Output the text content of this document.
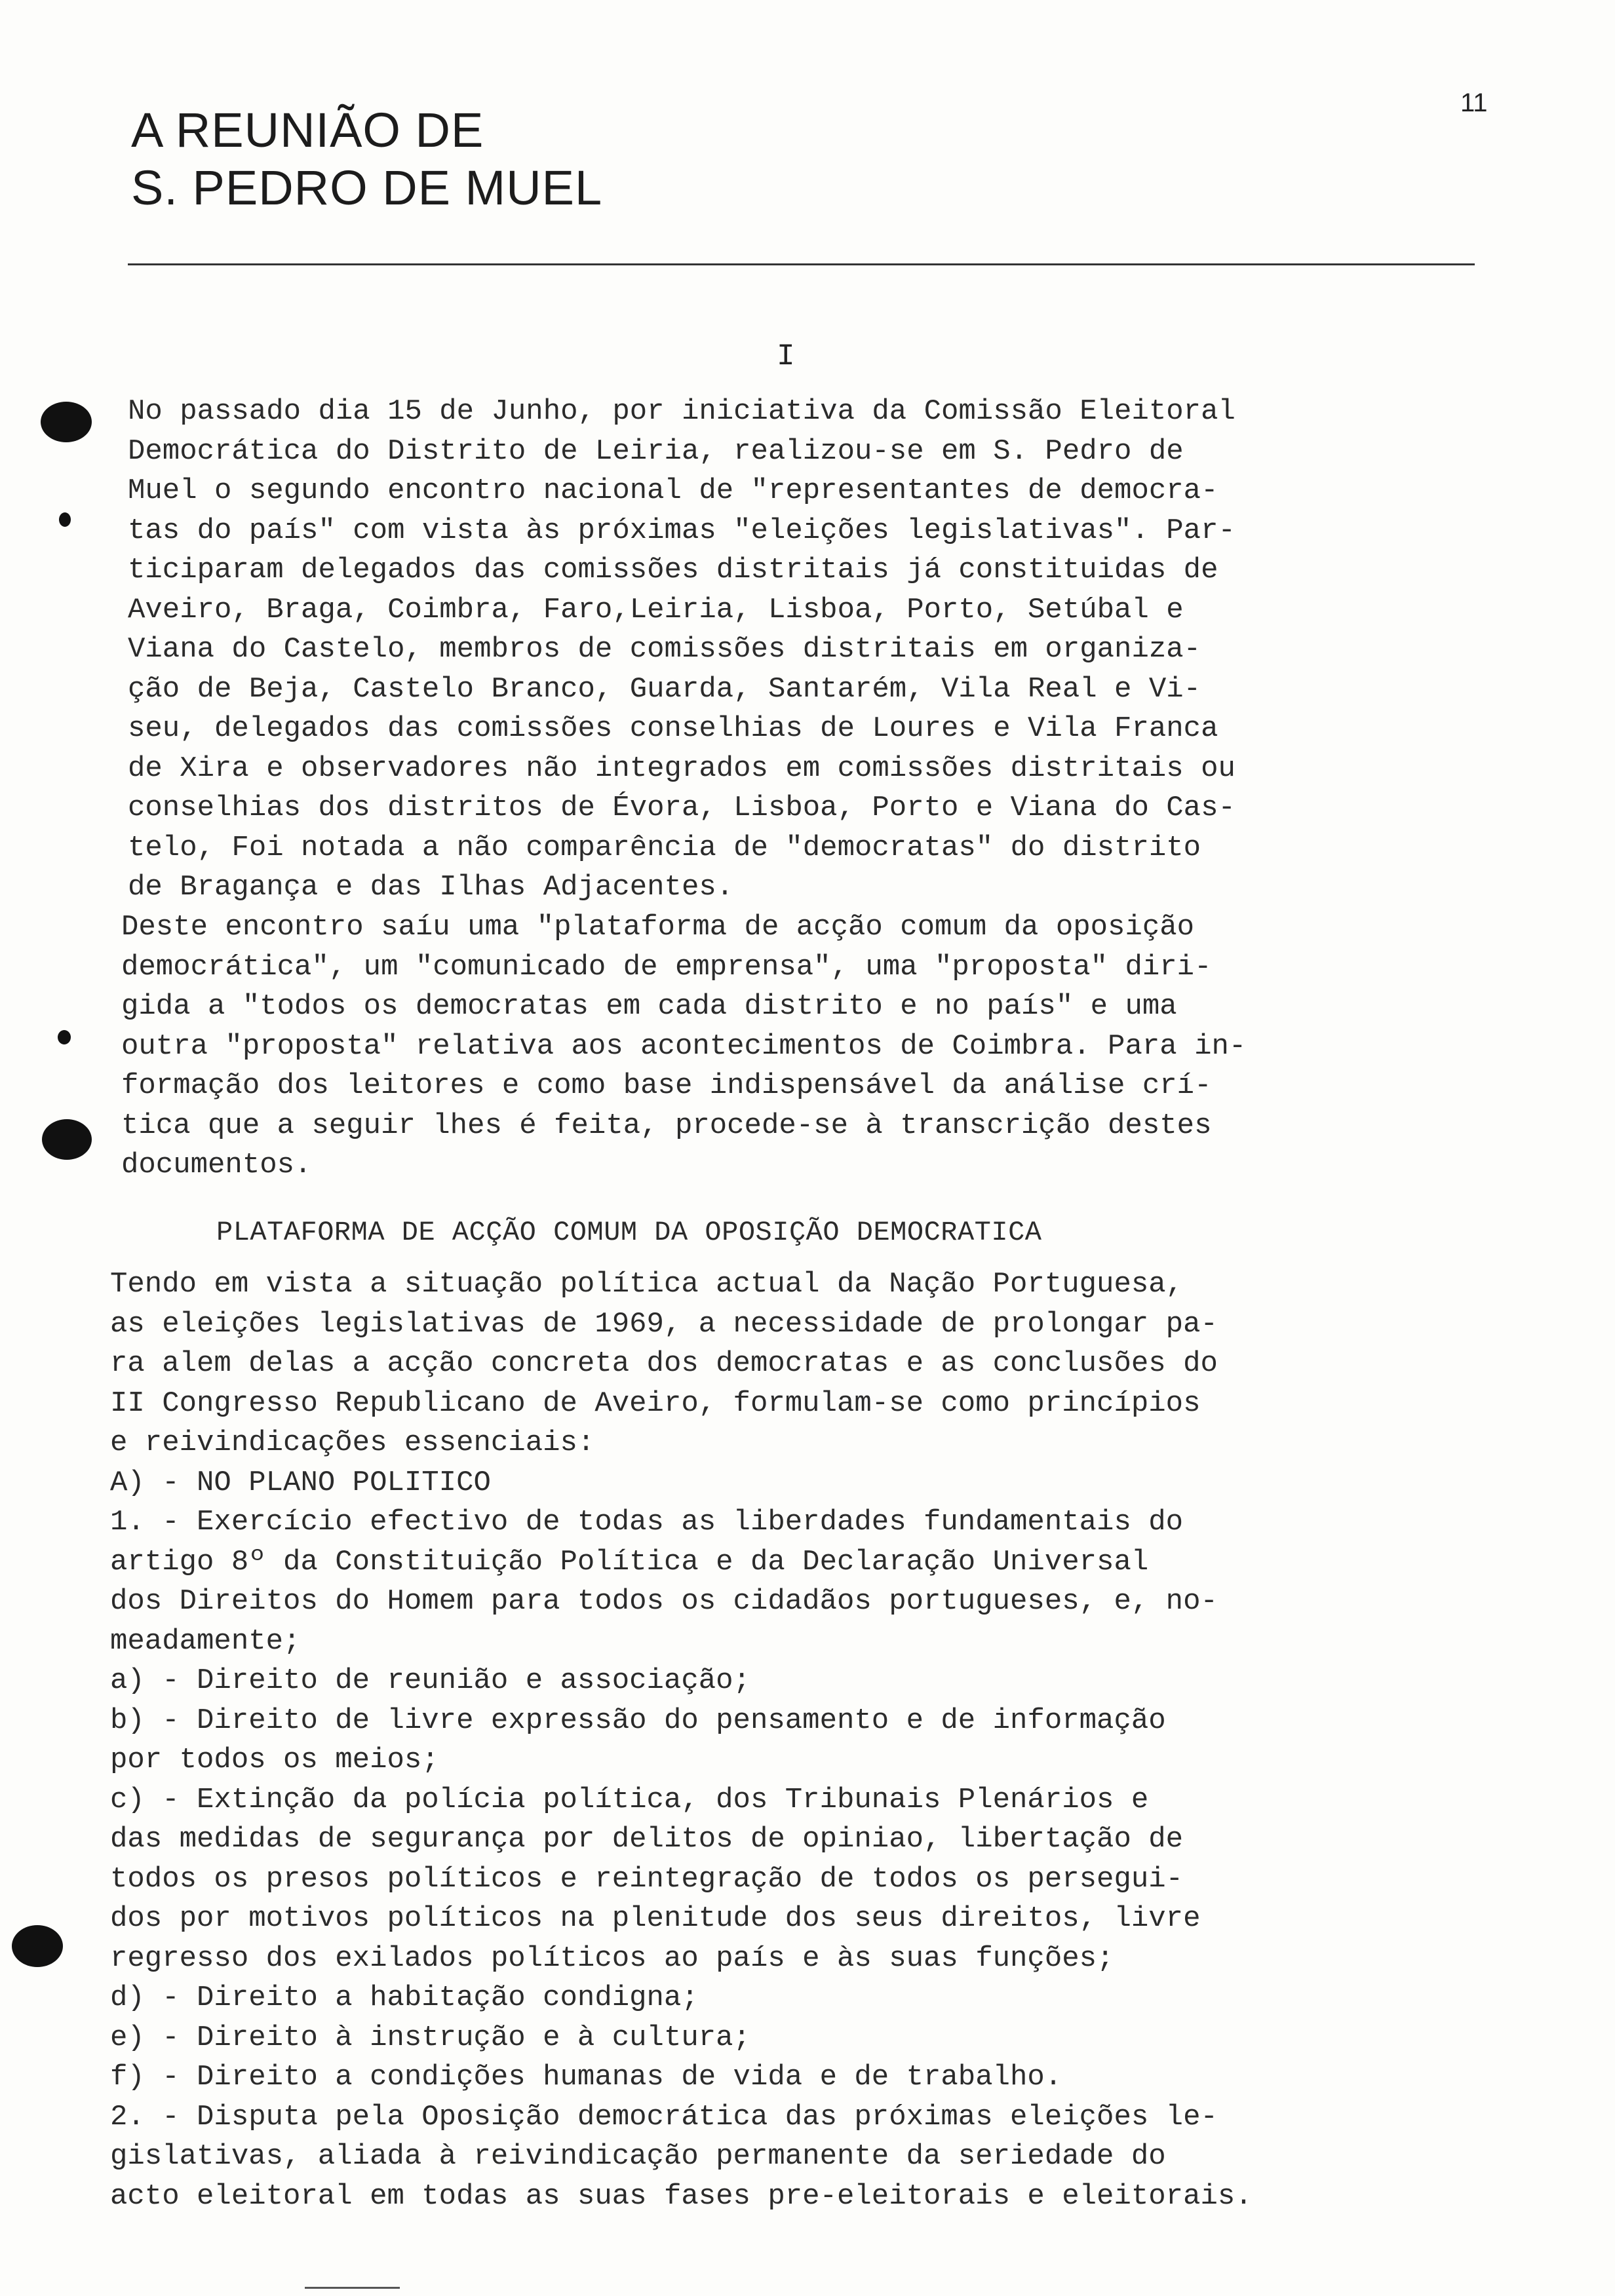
A REUNIÃO DE
S. PEDRO DE MUEL
11
I
No passado dia 15 de Junho, por iniciativa da Comissão Eleitoral
Democrática do Distrito de Leiria, realizou-se em S. Pedro de
Muel o segundo encontro nacional de "representantes de democra-
tas do país" com vista às próximas "eleições legislativas". Par-
ticiparam delegados das comissões distritais já constituidas de
Aveiro, Braga, Coimbra, Faro,Leiria, Lisboa, Porto, Setúbal e
Viana do Castelo, membros de comissões distritais em organiza-
ção de Beja, Castelo Branco, Guarda, Santarém, Vila Real e Vi-
seu, delegados das comissões conselhias de Loures e Vila Franca
de Xira e observadores não integrados em comissões distritais ou
conselhias dos distritos de Évora, Lisboa, Porto e Viana do Cas-
telo, Foi notada a não comparência de "democratas" do distrito
de Bragança e das Ilhas Adjacentes.
Deste encontro saíu uma "plataforma de acção comum da oposição
democrática", um "comunicado de emprensa", uma "proposta" diri-
gida a "todos os democratas em cada distrito e no país" e uma
outra "proposta" relativa aos acontecimentos de Coimbra. Para in-
formação dos leitores e como base indispensável da análise crí-
tica que a seguir lhes é feita, procede-se à transcrição destes
documentos.
PLATAFORMA DE ACÇÃO COMUM DA OPOSIÇÃO DEMOCRATICA
Tendo em vista a situação política actual da Nação Portuguesa,
as eleições legislativas de 1969, a necessidade de prolongar pa-
ra alem delas a acção concreta dos democratas e as conclusões do
II Congresso Republicano de Aveiro, formulam-se como princípios
e reivindicações essenciais:
A) - NO PLANO POLITICO
1. - Exercício efectivo de todas as liberdades fundamentais do
artigo 8º da Constituição Política e da Declaração Universal
dos Direitos do Homem para todos os cidadãos portugueses, e, no-
meadamente;
a) - Direito de reunião e associação;
b) - Direito de livre expressão do pensamento e de informação
por todos os meios;
c) - Extinção da polícia política, dos Tribunais Plenários e
das medidas de segurança por delitos de opiniao, libertação de
todos os presos políticos e reintegração de todos os persegui-
dos por motivos políticos na plenitude dos seus direitos, livre
regresso dos exilados políticos ao país e às suas funções;
d) - Direito a habitação condigna;
e) - Direito à instrução e à cultura;
f) - Direito a condições humanas de vida e de trabalho.
2. - Disputa pela Oposição democrática das próximas eleições le-
gislativas, aliada à reivindicação permanente da seriedade do
acto eleitoral em todas as suas fases pre-eleitorais e eleitorais.
